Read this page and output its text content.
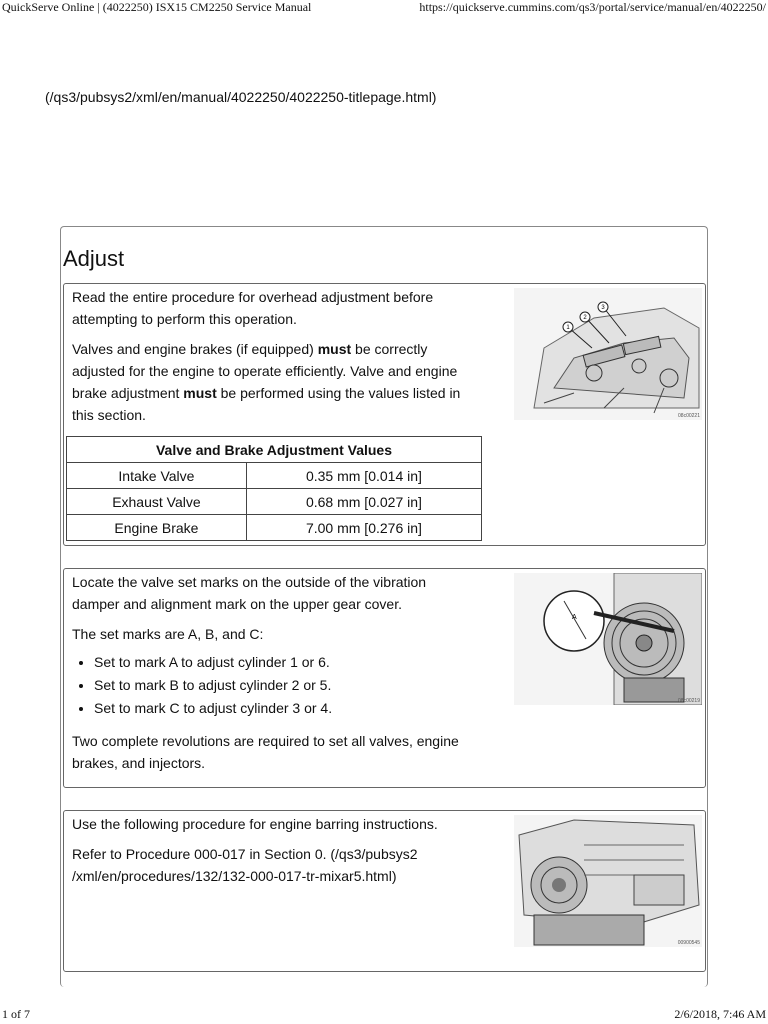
QuickServe Online | (4022250) ISX15 CM2250 Service Manual	https://quickserve.cummins.com/qs3/portal/service/manual/en/4022250/
(/qs3/pubsys2/xml/en/manual/4022250/4022250-titlepage.html)
Adjust

Read the entire procedure for overhead adjustment before attempting to perform this operation.

Valves and engine brakes (if equipped) must be correctly adjusted for the engine to operate efficiently. Valve and engine brake adjustment must be performed using the values listed in this section.

Valve and Brake Adjustment Values	
Intake Valve	0.35 mm [0.014 in]
Exhaust Valve	0.68 mm [0.027 in]
Engine Brake	7.00 mm [0.276 in]
1
2
3
08c00221

Locate the valve set marks on the outside of the vibration damper and alignment mark on the upper gear cover.

The set marks are A, B, and C:

• Set to mark A to adjust cylinder 1 or 6.
• Set to mark B to adjust cylinder 2 or 5.
• Set to mark C to adjust cylinder 3 or 4.

Two complete revolutions are required to set all valves, engine brakes, and injectors.

A
08c00219

Use the following procedure for engine barring instructions.

Refer to Procedure 000-017 in Section 0. (/qs3/pubsys2 /xml/en/procedures/132/132-000-017-tr-mixar5.html)

00900545
1 of 7	2/6/2018, 7:46 AM
